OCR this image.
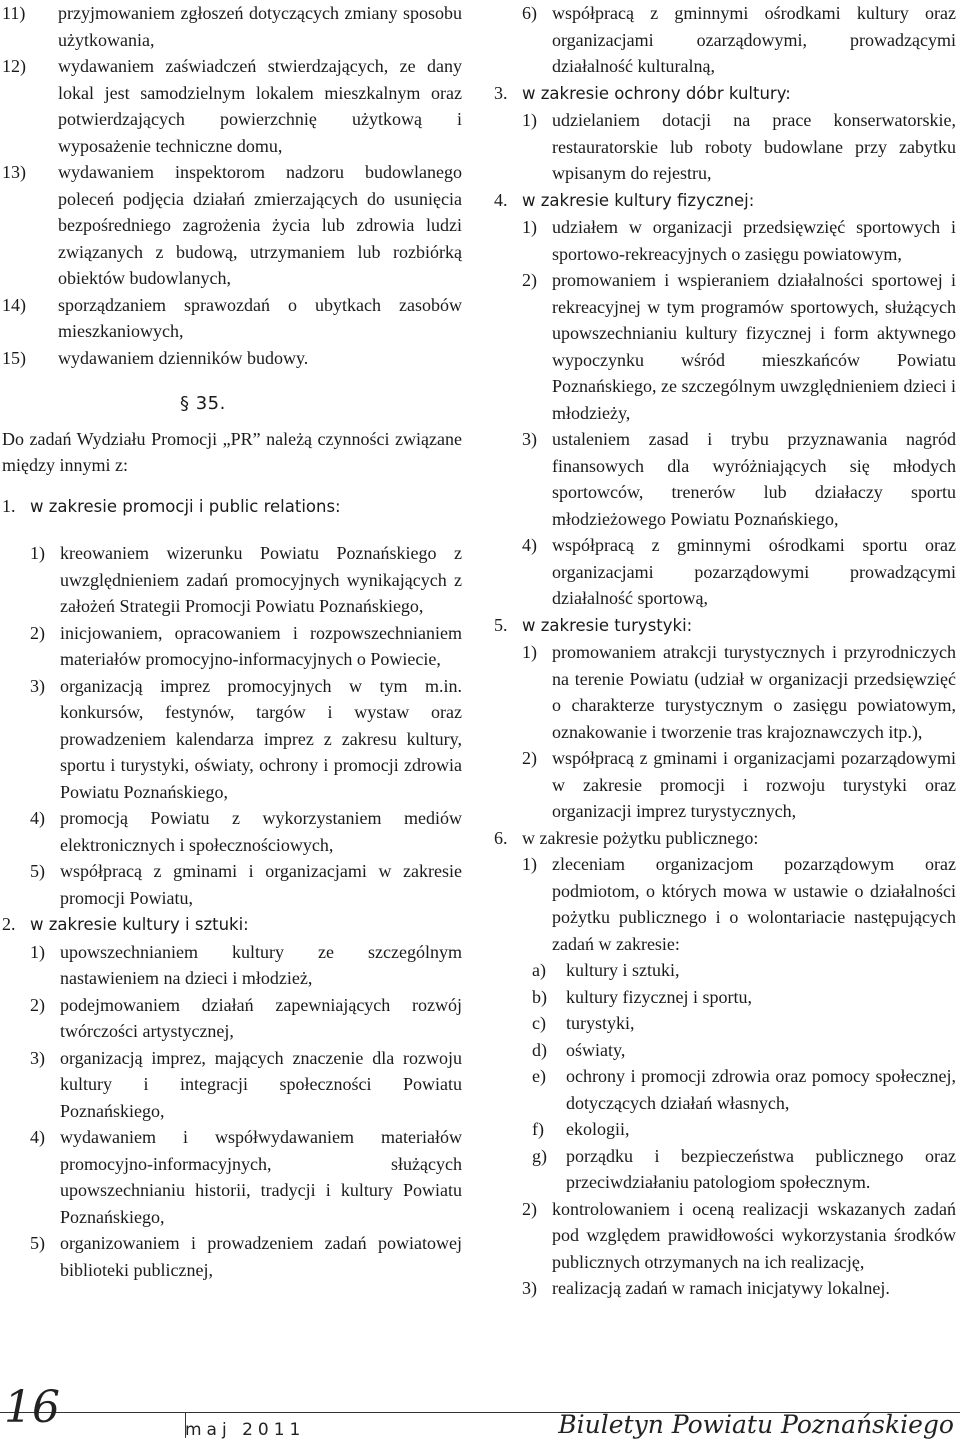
11) przyjmowaniem zgłoszeń dotyczących zmiany sposobu użytkowania,
12) wydawaniem zaświadczeń stwierdzających, ze dany lokal jest samodzielnym lokalem mieszkalnym oraz potwierdzających powierzchnię użytkową i wyposażenie techniczne domu,
13) wydawaniem inspektorom nadzoru budowlanego poleceń podjęcia działań zmierzających do usunięcia bezpośredniego zagrożenia życia lub zdrowia ludzi związanych z budową, utrzymaniem lub rozbiórką obiektów budowlanych,
14) sporządzaniem sprawozdań o ubytkach zasobów mieszkaniowych,
15) wydawaniem dzienników budowy.
§ 35.
Do zadań Wydziału Promocji „PR” należą czynności związane między innymi z:
1. w zakresie promocji i public relations:
1) kreowaniem wizerunku Powiatu Poznańskiego z uwzględnieniem zadań promocyjnych wynikających z założeń Strategii Promocji Powiatu Poznańskiego,
2) inicjowaniem, opracowaniem i rozpowszechnianiem materiałów promocyjno-informacyjnych o Powiecie,
3) organizacją imprez promocyjnych w tym m.in. konkursów, festynów, targów i wystaw oraz prowadzeniem kalendarza imprez z zakresu kultury, sportu i turystyki, oświaty, ochrony i promocji zdrowia Powiatu Poznańskiego,
4) promocją Powiatu z wykorzystaniem mediów elektronicznych i społecznościowych,
5) współpracą z gminami i organizacjami w zakresie promocji Powiatu,
2. w zakresie kultury i sztuki:
1) upowszechnianiem kultury ze szczególnym nastawieniem na dzieci i młodzież,
2) podejmowaniem działań zapewniających rozwój twórczości artystycznej,
3) organizacją imprez, mających znaczenie dla rozwoju kultury i integracji społeczności Powiatu Poznańskiego,
4) wydawaniem i współwydawaniem materiałów promocyjno-informacyjnych, służących upowszechnianiu historii, tradycji i kultury Powiatu Poznańskiego,
5) organizowaniem i prowadzeniem zadań powiatowej biblioteki publicznej,
6) współpracą z gminnymi ośrodkami kultury oraz organizacjami ozarządowymi, prowadzącymi działalność kulturalną,
3. w zakresie ochrony dóbr kultury:
1) udzielaniem dotacji na prace konserwatorskie, restauratorskie lub roboty budowlane przy zabytku wpisanym do rejestru,
4. w zakresie kultury fizycznej:
1) udziałem w organizacji przedsięwzięć sportowych i sportowo-rekreacyjnych o zasięgu powiatowym,
2) promowaniem i wspieraniem działalności sportowej i rekreacyjnej w tym programów sportowych, służących upowszechnianiu kultury fizycznej i form aktywnego wypoczynku wśród mieszkańców Powiatu Poznańskiego, ze szczególnym uwzględnieniem dzieci i młodzieży,
3) ustaleniem zasad i trybu przyznawania nagród finansowych dla wyróżniających się młodych sportowców, trenerów lub działaczy sportu młodzieżowego Powiatu Poznańskiego,
4) współpracą z gminnymi ośrodkami sportu oraz organizacjami pozarządowymi prowadzącymi działalność sportową,
5. w zakresie turystyki:
1) promowaniem atrakcji turystycznych i przyrodniczych na terenie Powiatu (udział w organizacji przedsięwzięć o charakterze turystycznym o zasięgu powiatowym, oznakowanie i tworzenie tras krajoznawczych itp.),
2) współpracą z gminami i organizacjami pozarządowymi w zakresie promocji i rozwoju turystyki oraz organizacji imprez turystycznych,
6. w zakresie pożytku publicznego:
1) zleceniam organizacjom pozarządowym oraz podmiotom, o których mowa w ustawie o działalności pożytku publicznego i o wolontariacie następujących zadań w zakresie:
a) kultury i sztuki,
b) kultury fizycznej i sportu,
c) turystyki,
d) oświaty,
e) ochrony i promocji zdrowia oraz pomocy społecznej, dotyczących działań własnych,
f) ekologii,
g) porządku i bezpieczeństwa publicznego oraz przeciwdziałaniu patologiom społecznym.
2) kontrolowaniem i oceną realizacji wskazanych zadań pod względem prawidłowości wykorzystania środków publicznych otrzymanych na ich realizację,
3) realizacją zadań w ramach inicjatywy lokalnej.
16	maj 2011	Biuletyn Powiatu Poznańskiego
